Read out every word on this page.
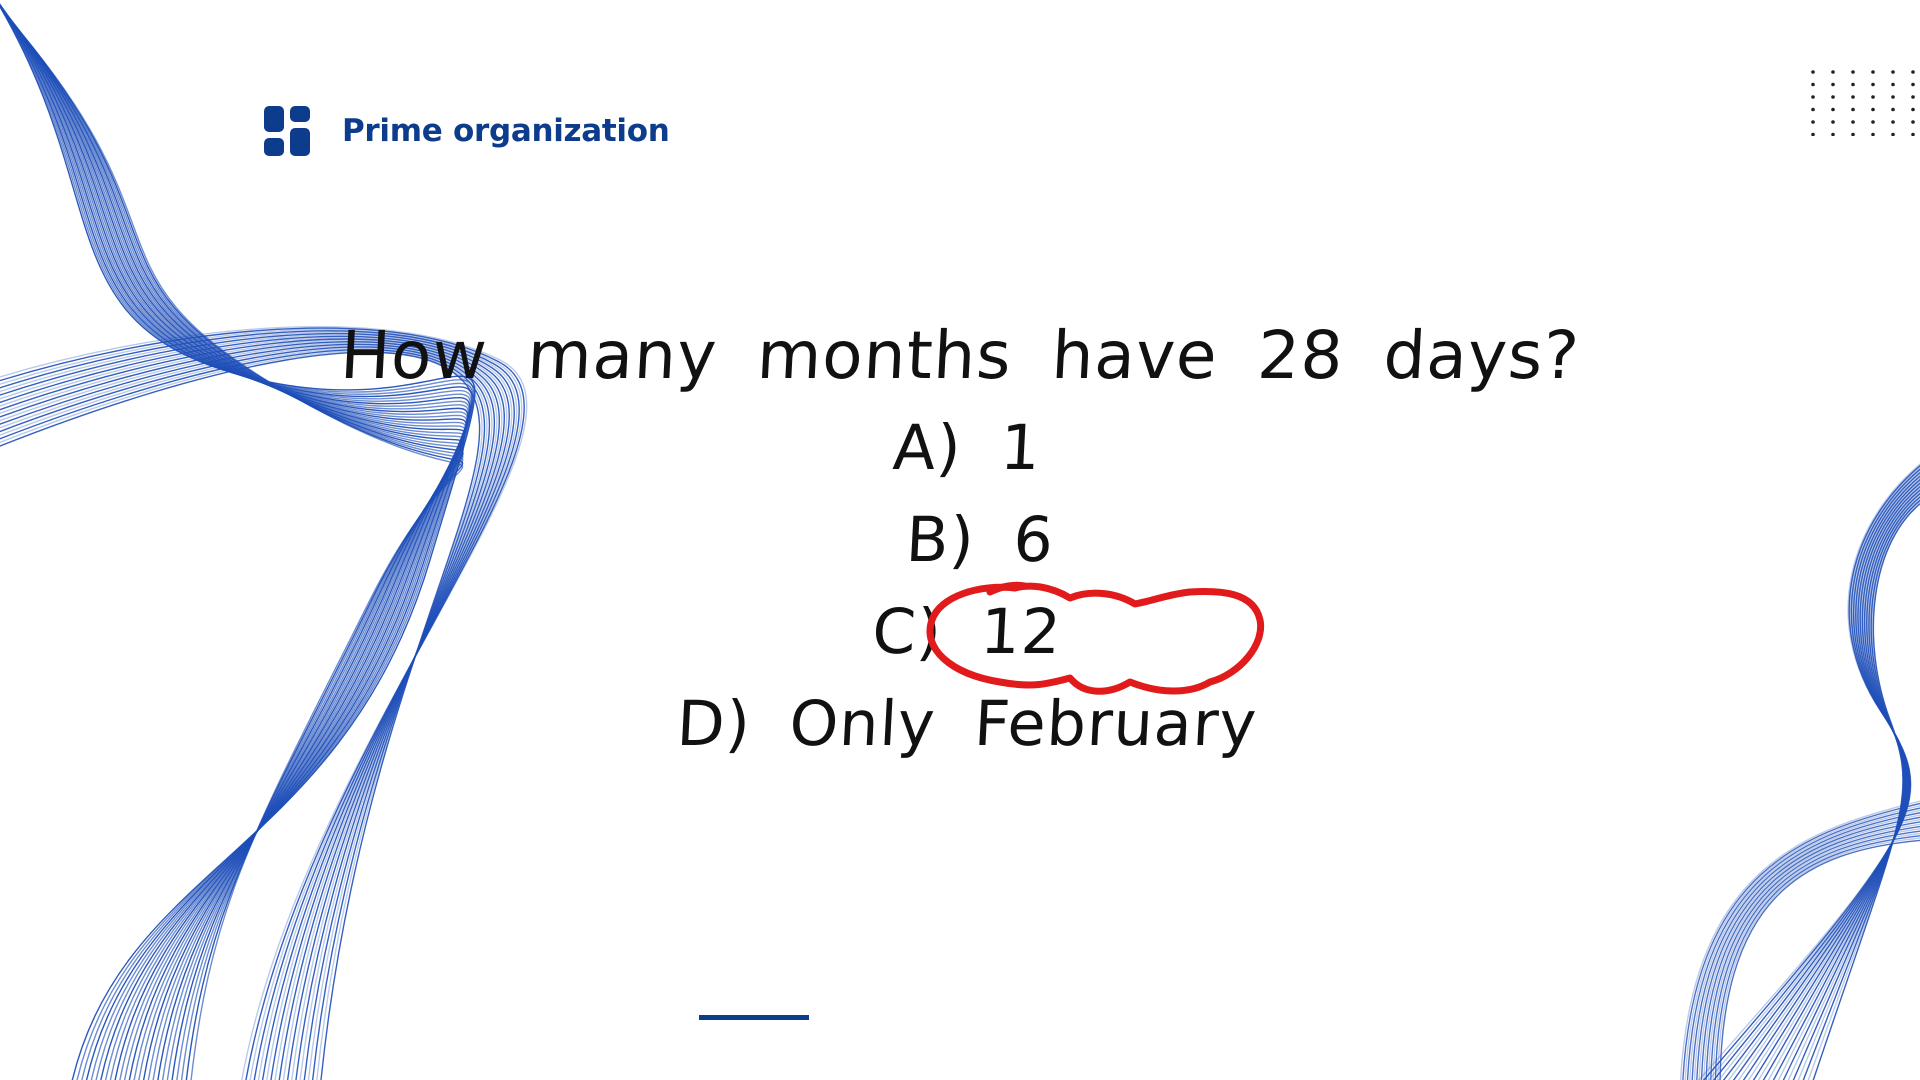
Prime organization
How many months have 28 days?
A) 1
B) 6
C) 12
D) Only February
